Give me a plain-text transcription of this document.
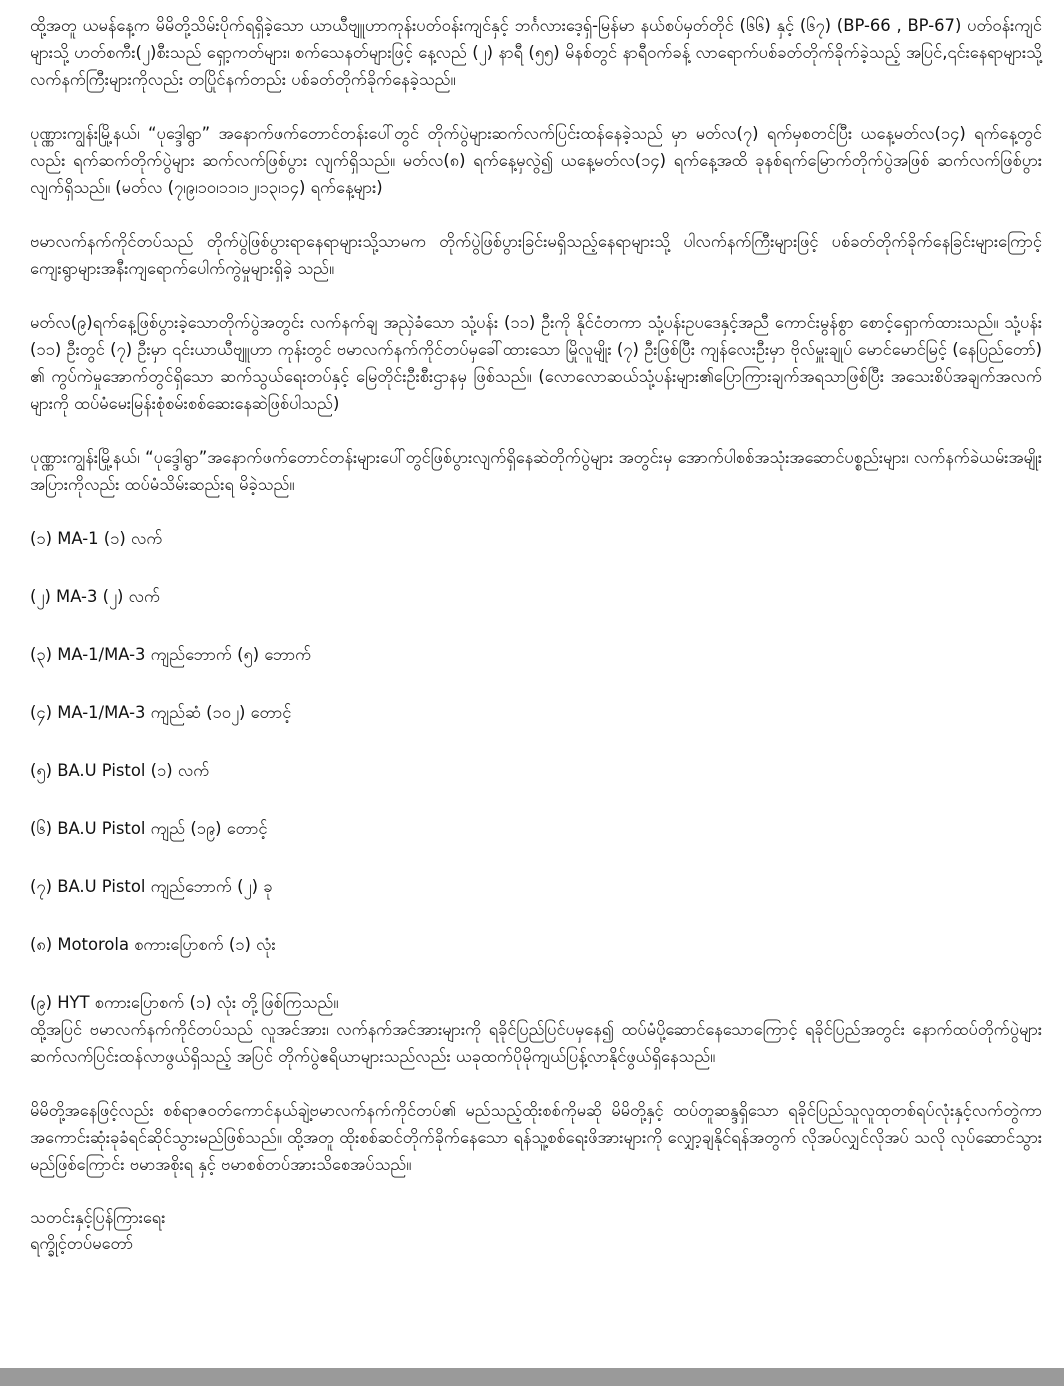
ထို့အတူ ယမန်နေ့က မိမိတို့သိမ်းပိုက်ရရှိခဲ့သော ယာယီဗျူဟာကုန်းပတ်ဝန်းကျင်နှင့် ဘင်္ဂလားဒေ့ရှ်-မြန်မာ နယ်စပ်မှတ်တိုင် (၆၆) နှင့် (၆၇) (BP-66 , BP-67) ပတ်ဝန်းကျင်များသို့ ဟတ်စကီး(၂)စီးသည် ရှော့ကတ်များ၊ စက်သေနတ်များဖြင့် နေ့လည် (၂) နာရီ (၅၅) မိနစ်တွင် နာရီဝက်ခန့် လာရောက်ပစ်ခတ်တိုက်ခိုက်ခဲ့သည့် အပြင်,၎င်းနေရာများသို့ လက်နက်ကြီးများကိုလည်း တပြိုင်နက်တည်း ပစ်ခတ်တိုက်ခိုက်နေခဲ့သည်။

ပုဏ္ဏားကျွန်းမြို့နယ်၊ “ပုဒ္ဒေါရွာ” အနောက်ဖက်တောင်တန်းပေါ်တွင် တိုက်ပွဲများဆက်လက်ပြင်းထန်နေခဲ့သည် မှာ မတ်လ(၇) ရက်မှစတင်ပြီး ယနေ့မတ်လ(၁၄) ရက်နေ့တွင်လည်း ရက်ဆက်တိုက်ပွဲများ ဆက်လက်ဖြစ်ပွား လျက်ရှိသည်။ မတ်လ(၈) ရက်နေ့မှလွဲ၍ ယနေ့မတ်လ(၁၄) ရက်နေ့အထိ ခုနစ်ရက်မြောက်တိုက်ပွဲအဖြစ် ဆက်လက်ဖြစ်ပွားလျက်ရှိသည်။ (မတ်လ (၇၊၉၊၁၀၊၁၁၊၁၂၊၁၃၊၁၄) ရက်နေ့များ)

ဗမာလက်နက်ကိုင်တပ်သည် တိုက်ပွဲဖြစ်ပွားရာနေရာများသို့သာမက တိုက်ပွဲဖြစ်ပွားခြင်းမရှိသည့်နေရာများသို့ ပါလက်နက်ကြီးများဖြင့် ပစ်ခတ်တိုက်ခိုက်နေခြင်းများကြောင့် ကျေးရွာများအနီးကျရောက်ပေါက်ကွဲမှုများရှိခဲ့ သည်။

မတ်လ(၉)ရက်နေ့ဖြစ်ပွားခဲ့သောတိုက်ပွဲအတွင်း လက်နက်ချ အညှဲခံသော သုံ့ပန်း (၁၁) ဦးကို နိုင်ငံတကာ သုံ့ပန်းဥပဒေနှင့်အညီ ကောင်းမွန်စွာ စောင့်ရှောက်ထားသည်။ သုံ့ပန်း (၁၁) ဦးတွင် (၇) ဦးမှာ ၎င်းယာယီဗျူဟာ ကုန်းတွင် ဗမာလက်နက်ကိုင်တပ်မှခေါ်ထားသော မြိုလူမျိုး (၇) ဦးဖြစ်ပြီး ကျန်လေးဦးမှာ ဗိုလ်မှူးချုပ် မောင်မောင်မြင့် (နေပြည်တော်) ၏ ကွပ်ကဲမှုအောက်တွင်ရှိသော ဆက်သွယ်ရေးတပ်နှင့် မြေတိုင်းဦးစီးဌာနမှ ဖြစ်သည်။ (လောလောဆယ်သုံ့ပန်းများ၏ပြောကြားချက်အရသာဖြစ်ပြီး အသေးစိပ်အချက်အလက်များကို ထပ်မံမေးမြန်းစုံစမ်းစစ်ဆေးနေဆဲဖြစ်ပါသည်)

ပုဏ္ဏားကျွန်းမြို့နယ်၊ “ပုဒ္ဒေါရွာ”အနောက်ဖက်တောင်တန်းများပေါ်တွင်ဖြစ်ပွားလျက်ရှိနေဆဲတိုက်ပွဲများ အတွင်းမှ အောက်ပါစစ်အသုံးအဆောင်ပစ္စည်းများ၊ လက်နက်ခဲယမ်းအမျိုးအပြားကိုလည်း ထပ်မံသိမ်းဆည်းရ မိခဲ့သည်။

(၁) MA-1 (၁) လက်
(၂) MA-3 (၂) လက်
(၃) MA-1/MA-3 ကျည်ဘောက် (၅) ဘောက်
(၄) MA-1/MA-3 ကျည်ဆံ (၁၀၂) တောင့်
(၅) BA.U Pistol (၁) လက်
(၆) BA.U Pistol ကျည် (၁၉) တောင့်
(၇) BA.U Pistol ကျည်ဘောက် (၂) ခု
(၈) Motorola စကားပြောစက် (၁) လုံး
(၉) HYT စကားပြောစက် (၁) လုံး တို့ဖြစ်ကြသည်။

ထို့အပြင် ဗမာလက်နက်ကိုင်တပ်သည် လူအင်အား၊ လက်နက်အင်အားများကို ရခိုင်ပြည်ပြင်ပမှနေ၍ ထပ်မံပို့ဆောင်နေသောကြောင့် ရခိုင်ပြည်အတွင်း နောက်ထပ်တိုက်ပွဲများ ဆက်လက်ပြင်းထန်လာဖွယ်ရှိသည့် အပြင် တိုက်ပွဲဧရိယာများသည်လည်း ယခုထက်ပိုမိုကျယ်ပြန့်လာနိုင်ဖွယ်ရှိနေသည်။

မိမိတို့အနေဖြင့်လည်း စစ်ရာဇဝတ်ကောင်နယ်ချဲ့ဗမာလက်နက်ကိုင်တပ်၏ မည်သည့်ထိုးစစ်ကိုမဆို မိမိတို့နှင့် ထပ်တူဆန္ဒရှိသော ရခိုင်ပြည်သူလူထုတစ်ရပ်လုံးနှင့်လက်တွဲကာ အကောင်းဆုံးခုခံရင်ဆိုင်သွားမည်ဖြစ်သည်။ ထို့အတူ ထိုးစစ်ဆင်တိုက်ခိုက်နေသော ရန်သူ့စစ်ရေးဖိအားများကို လျှော့ချနိုင်ရန်အတွက် လိုအပ်လျှင်လိုအပ် သလို လုပ်ဆောင်သွားမည်ဖြစ်ကြောင်း ဗမာအစိုးရ နှင့် ဗမာစစ်တပ်အားသိစေအပ်သည်။

သတင်းနှင့်ပြန်ကြားရေး

ရက္ခိုင့်တပ်မတော်
